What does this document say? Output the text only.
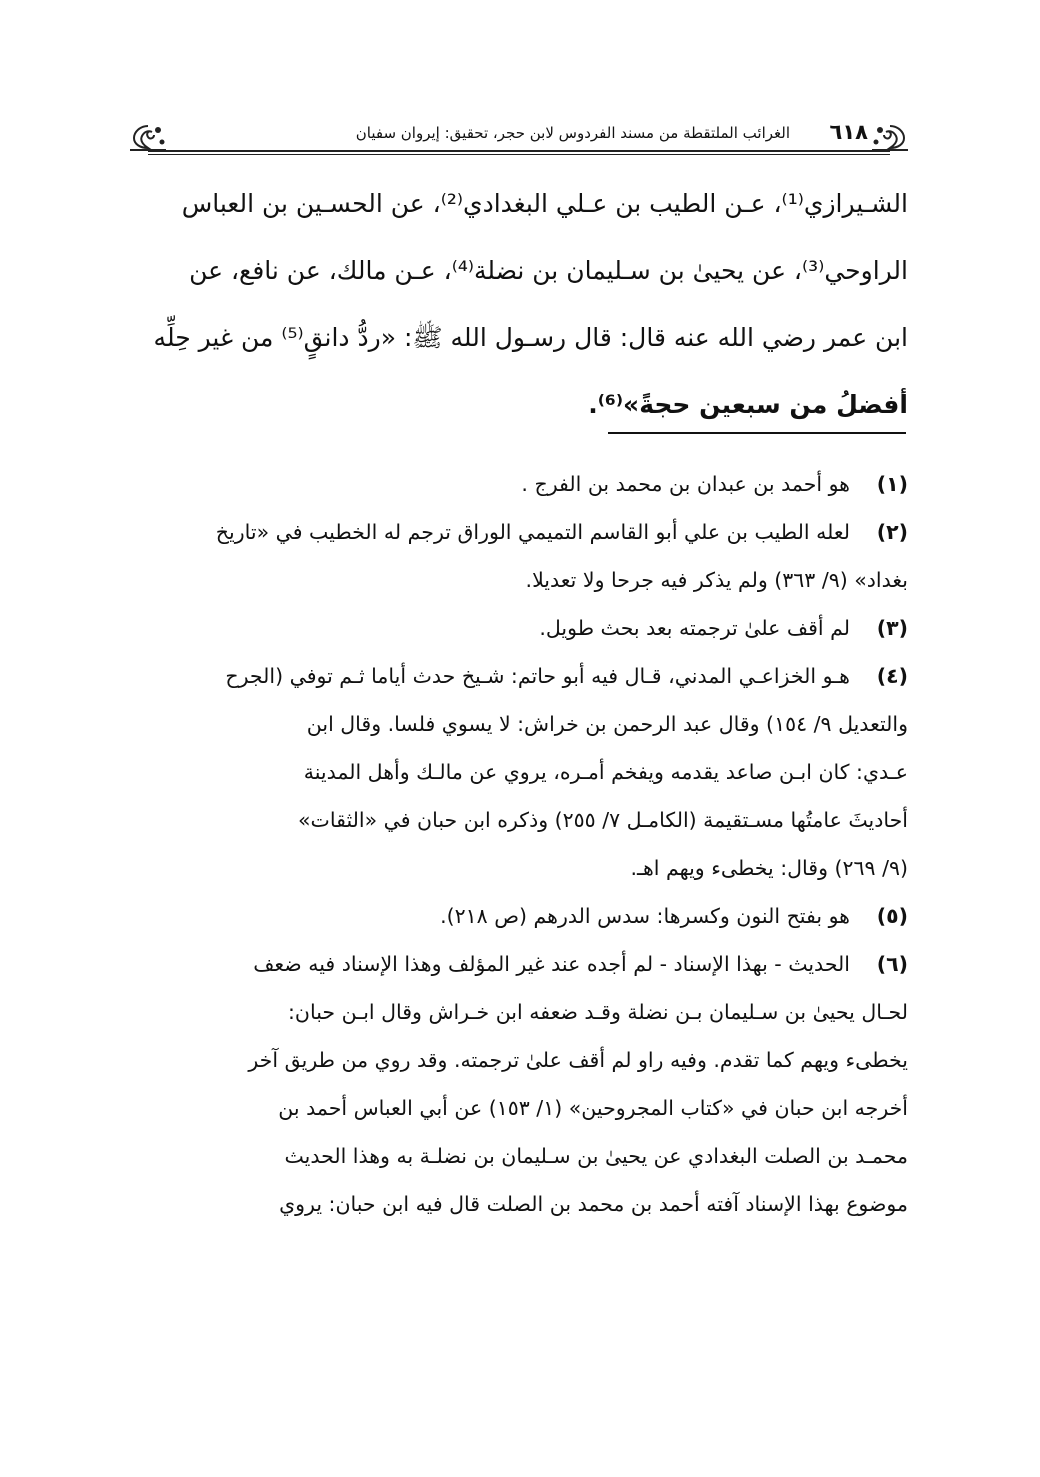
الغرائب الملتقطة من مسند الفردوس لابن حجر، تحقيق: إيروان سفيان ٦١٨
الشـيرازي⁽¹⁾، عـن الطيب بن عـلي البغدادي⁽²⁾، عن الحسـين بن العباس
الراوحي⁽³⁾، عن يحيىٰ بن سـليمان بن نضلة⁽⁴⁾، عـن مالك، عن نافع، عن
ابن عمر رضي الله عنه قال: قال رسـول الله ﷺ: «ردُّ دانقٍ⁽⁵⁾ من غير حِلِّه
أفضلُ من سبعين حجةً»⁽⁶⁾.
(١)
هو أحمد بن عبدان بن محمد بن الفرج .
(٢)
لعله الطيب بن علي أبو القاسم التميمي الوراق ترجم له الخطيب في «تاريخ
بغداد» (٩/ ٣٦٣) ولم يذكر فيه جرحا ولا تعديلا.
(٣)
لم أقف علىٰ ترجمته بعد بحث طويل.
(٤)
هـو الخزاعـي المدني، قـال فيه أبو حاتم: شـيخ حدث أياما ثـم توفي (الجرح
والتعديل ٩/ ١٥٤) وقال عبد الرحمن بن خراش: لا يسوي فلسا. وقال ابن
عـدي: كان ابـن صاعد يقدمه ويفخم أمـره، يروي عن مالـك وأهل المدينة
أحاديثَ عامتُها مسـتقيمة (الكامـل ٧/ ٢٥٥) وذكره ابن حبان في «الثقات»
(٩/ ٢٦٩) وقال: يخطىء ويهم اهـ.
(٥)
هو بفتح النون وكسرها: سدس الدرهم (ص ٢١٨).
(٦)
الحديث - بهذا الإسناد - لم أجده عند غير المؤلف وهذا الإسناد فيه ضعف
لحـال يحيىٰ بن سـليمان بـن نضلة وقـد ضعفه ابن خـراش وقال ابـن حبان:
يخطىء ويهم كما تقدم. وفيه راو لم أقف علىٰ ترجمته. وقد روي من طريق آخر
أخرجه ابن حبان في «كتاب المجروحين» (١/ ١٥٣) عن أبي العباس أحمد بن
محمـد بن الصلت البغدادي عن يحيىٰ بن سـليمان بن نضلـة به وهذا الحديث
موضوع بهذا الإسناد آفته أحمد بن محمد بن الصلت قال فيه ابن حبان: يروي
